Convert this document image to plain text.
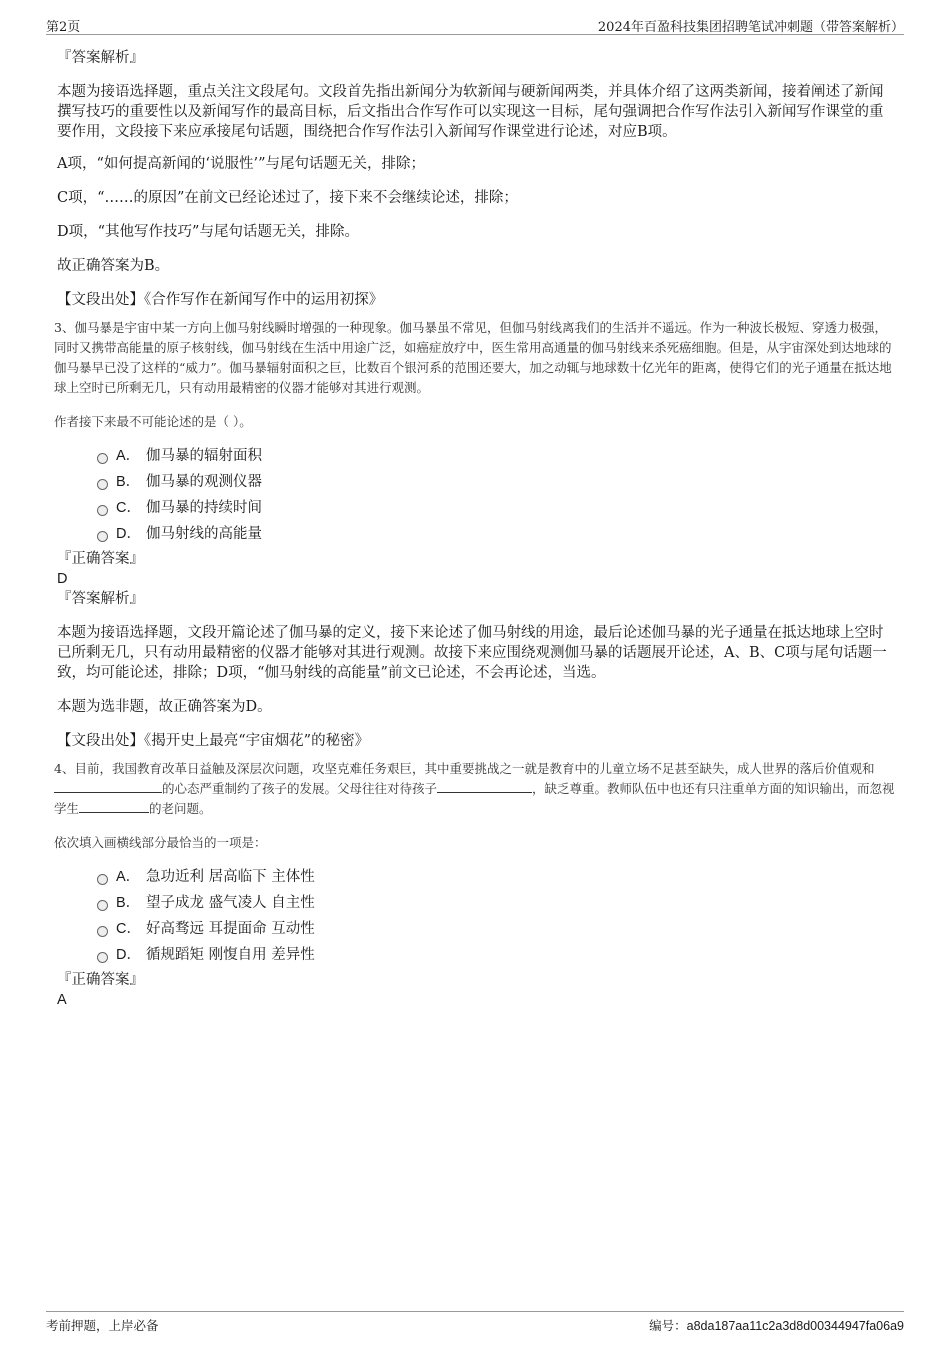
第2页	2024年百盈科技集团招聘笔试冲刺题（带答案解析）

『答案解析』

本题为接语选择题，重点关注文段尾句。文段首先指出新闻分为软新闻与硬新闻两类，并具体介绍了这两类新闻，接着阐述了新闻撰写技巧的重要性以及新闻写作的最高目标，后文指出合作写作可以实现这一目标，尾句强调把合作写作法引入新闻写作课堂的重要作用，文段接下来应承接尾句话题，围绕把合作写作法引入新闻写作课堂进行论述，对应B项。

A项，“如何提高新闻的‘说服性’”与尾句话题无关，排除；

C项，“……的原因”在前文已经论述过了，接下来不会继续论述，排除；

D项，“其他写作技巧”与尾句话题无关，排除。

故正确答案为B。

【文段出处】《合作写作在新闻写作中的运用初探》

3、伽马暴是宇宙中某一方向上伽马射线瞬时增强的一种现象。伽马暴虽不常见，但伽马射线离我们的生活并不遥远。作为一种波长极短、穿透力极强，同时又携带高能量的原子核射线，伽马射线在生活中用途广泛，如癌症放疗中，医生常用高通量的伽马射线来杀死癌细胞。但是，从宇宙深处到达地球的伽马暴早已没了这样的“威力”。伽马暴辐射面积之巨，比数百个银河系的范围还要大，加之动辄与地球数十亿光年的距离，使得它们的光子通量在抵达地球上空时已所剩无几，只有动用最精密的仪器才能够对其进行观测。

作者接下来最不可能论述的是（ ）。

A． 伽马暴的辐射面积
B． 伽马暴的观测仪器
C． 伽马暴的持续时间
D． 伽马射线的高能量

『正确答案』

D

『答案解析』

本题为接语选择题，文段开篇论述了伽马暴的定义，接下来论述了伽马射线的用途，最后论述伽马暴的光子通量在抵达地球上空时已所剩无几，只有动用最精密的仪器才能够对其进行观测。故接下来应围绕观测伽马暴的话题展开论述，A、B、C项与尾句话题一致，均可能论述，排除；D项，“伽马射线的高能量”前文已论述，不会再论述，当选。

本题为选非题，故正确答案为D。

【文段出处】《揭开史上最亮“宇宙烟花”的秘密》

4、目前，我国教育改革日益触及深层次问题，攻坚克难任务艰巨，其中重要挑战之一就是教育中的儿童立场不足甚至缺失，成人世界的落后价值观和的心态严重制约了孩子的发展。父母往往对待孩子	，缺乏尊重。教师队伍中也还有只注重单方面的知识输出，而忽视学生	的老问题。

依次填入画横线部分最恰当的一项是：

A． 急功近利 居高临下 主体性
B． 望子成龙 盛气凌人 自主性
C． 好高骛远 耳提面命 互动性
D． 循规蹈矩 刚愎自用 差异性

『正确答案』

A

考前押题，上岸必备	编号：a8da187aa11c2a3d8d00344947fa06a9
